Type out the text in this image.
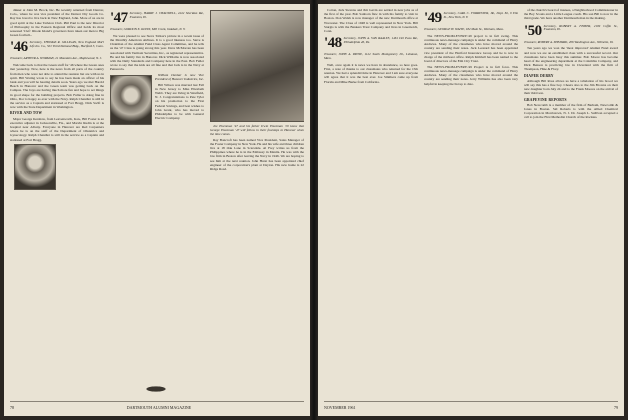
dinner at John M. Brock, Inc. He recently returned from Denver, Colo., where he was vice president of the Denver Dry Goods Co. Ray has loved to live back in New England, John. More of us are in good spirit at the Lake Tarleton Club. Phil Paul is the new Director of Philosophy in the Eastern Regional Office and holds its most seasoned 'Clef.' Rhode Island's governors have taken our men to Big Green football...

'46 Secretary, THOMAS R. GILLIGAN, New England Mut'l Life Ins. Co., 501 Third National Bldg., Hartford 3, Conn.
Treasurer, ARTHUR A. WORMAN, 21 Mountain Ave., Maplewood, N. J.

Welcome back to that the Green stuff for '46 where the Green ones met yesterday. Now, here is the news from all parts of the country from men who were not able to attend the reunion but are with us in spirit. Bill Waring wrote to say he has been made an officer of his bank and you will be hearing details soon. Years ago we met Harold Beach in Hanover and the Green team was getting back on the Campus. The boys are having much more fun and hope to set things in good shape for the building projects. Bob Fuller is doing fine in Ohio, Doc is happy as ever with the Navy. Ralph Chandler is still in the service as a Captain and stationed at Fort Bragg. Dick Swift is now with the State Department in Washington.

RIVER AND TOW

Major George Kershaw, from Leavenworth, Kan., Bill Foster is an executive adjuster in Jacksonville, Fla., and Marvin Rudin is at the hospital near Albany. Everyone in Hanover are Red Carpenters where he is on the staff of the Department of Obstetrics and Gynecology. Ralph Chandler is still in the service as a Captain and stationed at Fort Bragg.

'47 Secretary, HARRY J. CHADWELL, 2222 Sheridan Rd., Evanston, Ill.
Treasurer, GORDON E. KLEIN, Mill Creek, Oakdale, N. Y.

We were pleased to see Steve Tobias's picture in a recent issue of the Monthly American Airlines. It is a good likeness too. Steve is Chairman of the Alumni Fund Class Agent Committee, and he tells us the '47 Class is going strong this year. Dave McMorran has been associated with Vermont Securities, Inc., as registered representative. He and his family live in Hanover. Dick Williams is now associated with the Daily Standards and Company here in the East. Bob Fuller wrote to say that the kids are all fine and that Jack is in the Navy at Pensacola.

William Dunbar is now Vice President of Hanover Industries, Inc.

Bill Wilson was married last Fall in New Jersey to Miss Elizabeth Webb. They are living in Westfield, N. J. Congratulations to Pete Tyler on his promotion to the First Federal Savings, and best wishes to John Grant, who has moved to Philadelphia to be with General Electric Company.

Joe Eisenman '47 and his father Irwin Eisenman '19 know that George Eisenman '47 will follow in their footsteps to Hanover when the time comes.

Ray Bancroft has been named Vice President, Sales Manager of the Foster Company in New York. He and his wife and three children live at 18 Oak Lane in Scarsdale. Al Frey writes us from the Philippines where he is in the Embassy in Manila. He was with the law firm in Boston after leaving the Navy in 1946. We are hoping to see him at the next reunion. John Hurst has been appointed chief engineer of the corporation's plant at Dayton. His new home is 22 Ridge Road.

78	DARTMOUTH ALUMNI MAGAZINE

Cotton, Jack Stevens and Jim Gavin are settled in new jobs as of the first of the year. Bob Sanborn flew in with his family to visit in Boston. Don Walsh is now manager of the new Dartmouth office at Worcester. The Class of 1948 is well represented in New York. Bill Sturgis is with the Bankers Trust Company and lives in Greenwich, Conn.

'48 Secretary, JOHN A. VAN RAALTE, 1461 Del Paso Rd., Philadelphia 46, Pa.
Treasurer, JOHN A. PAYNE, 1122 South Montgomery Dr., Lebanon, Mass.

Well, once again it is news we have in abundance, so here goes. First, a note of thanks to our classmates who returned for the 15th reunion. We had a splendid time in Hanover and I am sure everyone will agree that it was the best ever. Joe Smithers came up from Florida and Mike Burke from California.

'49 Secretary, CARL C. FORRESTER, JR., Dept. 82, 9 Elm St., New York, N. Y.
Treasurer, GEORGE H. WAITE, 182 Main St., Wenham, Mass.

The NEWS-FROM-EVERY-'49 project is in full swing. This continuous news-message campaign is under the command of Harry Andrews. Many of the classmates who have moved around the country are sending their notes. Jack Leonard has been appointed vice president of the Hartford Insurance Group and he is now in charge of the midwest office. Ralph Kimball has been named to the board of directors of the Elm City Trust.

The NEWS-FROM-EVERY-'49 Project is in full force. This continuous news-message campaign is under the command of Harry Andrews. Many of the classmates who have moved around the country are sending their notes. Jerry Williams has also been very helpful in keeping the list up to date.

of the church's board of trustees, a Neighborhood Commissioner in the Boy Scouts and a Little League coach. His son Bill is now in the third grade. We have another Dartmouth man in the making.

'50 Secretary, ROBERT A. FISHER, 2109 Coffin St., Evanston, Ill.
Treasurer, ROBERT A. SHEPARD, 206 Washington Ave., Wilmette, Ill.

Ten years ago we won the 'most improved' Alumni Fund award and now we are an established class with a successful record. Our classmates have been busy this summer. Bob Moore has become head of the engineering department at the Columbia Company, and Dick Benson is practicing law in Cleveland with the firm of Thompson, Hine & Flory.

DIAPER DERBY

Although Bill Ross allows us have a tabulation of his brood we will say this has a fine boy. Cheers also to the Jim Browns on their new daughter born July 24 and to the Frank Moores on the arrival of their third son.

GRAPEVINE REPORTS

Bob Newcomb is a member of the firm of Barham, Newcomb & Jones in Boston. Sid Roberts is with the Allied Chemical Corporation in Morristown, N. J. Dr. Joseph L. Sullivan accepted a call to join the First Methodist Church of the Rockies.

NOVEMBER 1961	79
